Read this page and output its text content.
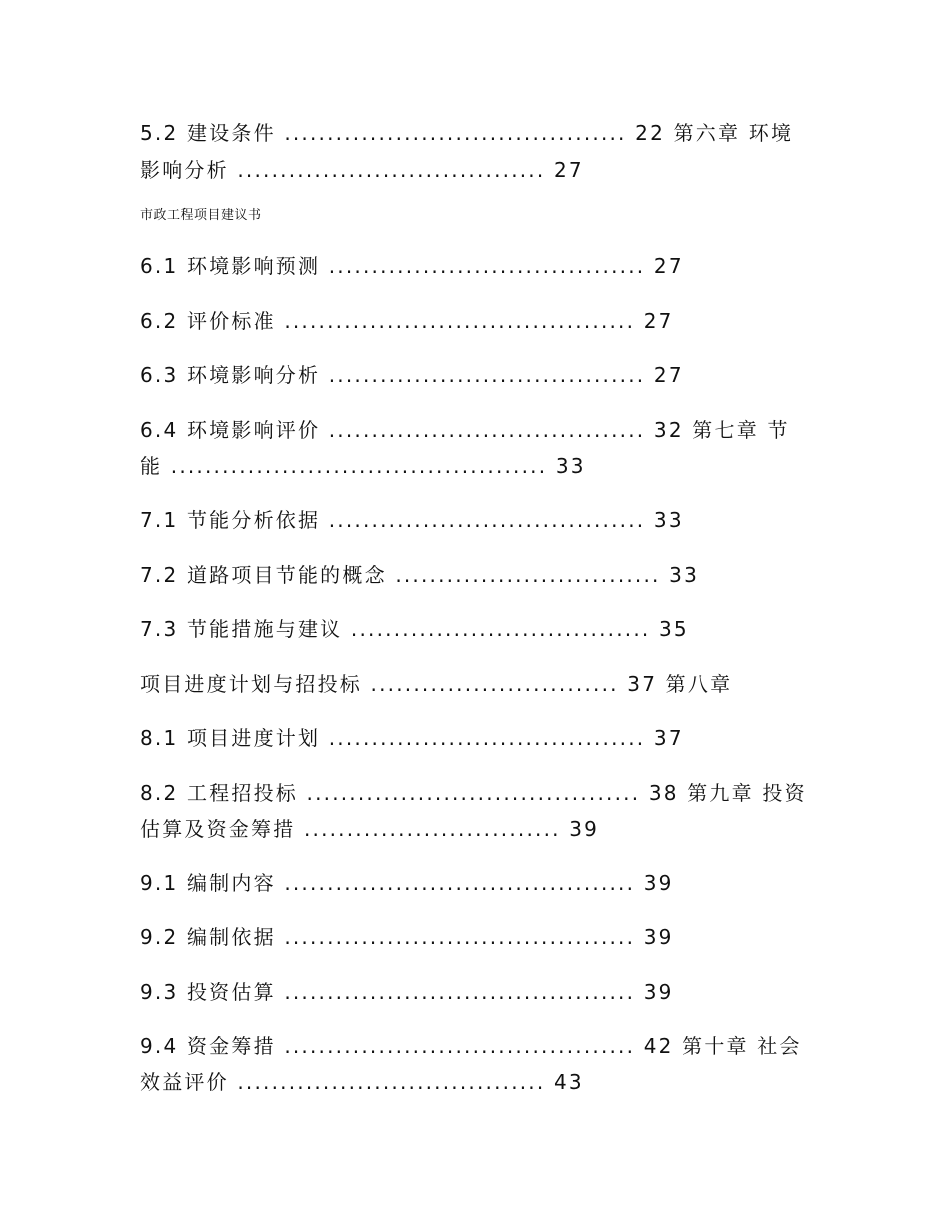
5.2 建设条件 ........................................ 22 第六章 环境
影响分析 .................................... 27
市政工程项目建议书
6.1 环境影响预测 ..................................... 27
6.2 评价标准 ......................................... 27
6.3 环境影响分析 ..................................... 27
6.4 环境影响评价 ..................................... 32 第七章 节
能 ............................................ 33
7.1 节能分析依据 ..................................... 33
7.2 道路项目节能的概念 ............................... 33
7.3 节能措施与建议 ................................... 35
项目进度计划与招投标 ............................. 37 第八章
8.1 项目进度计划 ..................................... 37
8.2 工程招投标 ....................................... 38 第九章 投资
估算及资金筹措 .............................. 39
9.1 编制内容 ......................................... 39
9.2 编制依据 ......................................... 39
9.3 投资估算 ......................................... 39
9.4 资金筹措 ......................................... 42 第十章 社会
效益评价 .................................... 43
